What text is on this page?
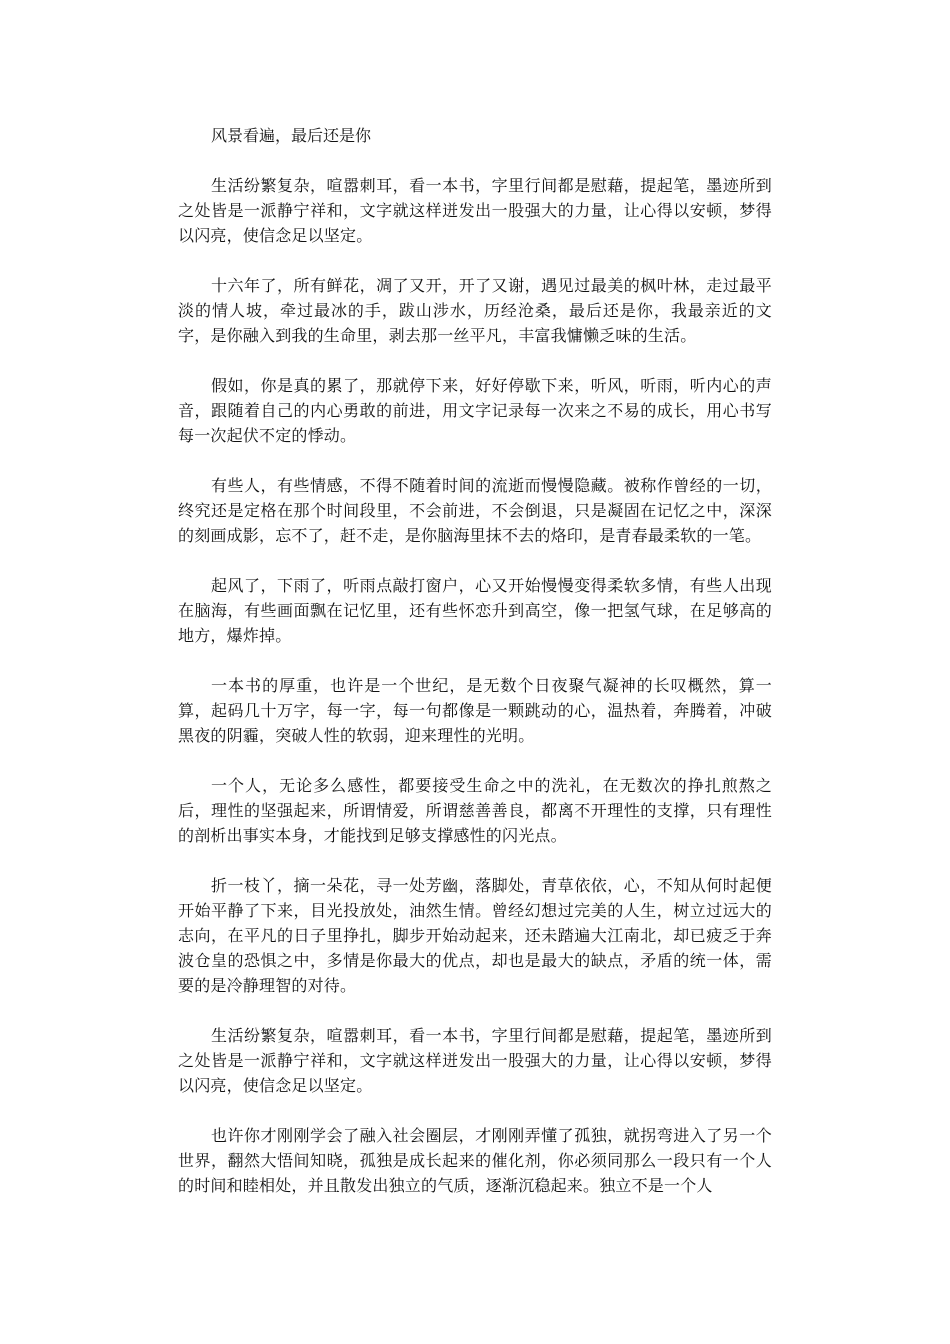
风景看遍，最后还是你

生活纷繁复杂，喧嚣刺耳，看一本书，字里行间都是慰藉，提起笔，墨迹所到之处皆是一派静宁祥和，文字就这样迸发出一股强大的力量，让心得以安顿，梦得以闪亮，使信念足以坚定。

十六年了，所有鲜花，凋了又开，开了又谢，遇见过最美的枫叶林，走过最平淡的情人坡，牵过最冰的手，跋山涉水，历经沧桑，最后还是你，我最亲近的文字，是你融入到我的生命里，剥去那一丝平凡，丰富我慵懒乏味的生活。

假如，你是真的累了，那就停下来，好好停歇下来，听风，听雨，听内心的声音，跟随着自己的内心勇敢的前进，用文字记录每一次来之不易的成长，用心书写每一次起伏不定的悸动。

有些人，有些情感，不得不随着时间的流逝而慢慢隐藏。被称作曾经的一切，终究还是定格在那个时间段里，不会前进，不会倒退，只是凝固在记忆之中，深深的刻画成影，忘不了，赶不走，是你脑海里抹不去的烙印，是青春最柔软的一笔。

起风了，下雨了，听雨点敲打窗户，心又开始慢慢变得柔软多情，有些人出现在脑海，有些画面飘在记忆里，还有些怀恋升到高空，像一把氢气球，在足够高的地方，爆炸掉。

一本书的厚重，也许是一个世纪，是无数个日夜聚气凝神的长叹概然，算一算，起码几十万字，每一字，每一句都像是一颗跳动的心，温热着，奔腾着，冲破黑夜的阴霾，突破人性的软弱，迎来理性的光明。

一个人，无论多么感性，都要接受生命之中的洗礼，在无数次的挣扎煎熬之后，理性的坚强起来，所谓情爱，所谓慈善善良，都离不开理性的支撑，只有理性的剖析出事实本身，才能找到足够支撑感性的闪光点。

折一枝丫，摘一朵花，寻一处芳幽，落脚处，青草依依，心，不知从何时起便开始平静了下来，目光投放处，油然生情。曾经幻想过完美的人生，树立过远大的志向，在平凡的日子里挣扎，脚步开始动起来，还未踏遍大江南北，却已疲乏于奔波仓皇的恐惧之中，多情是你最大的优点，却也是最大的缺点，矛盾的统一体，需要的是冷静理智的对待。

生活纷繁复杂，喧嚣刺耳，看一本书，字里行间都是慰藉，提起笔，墨迹所到之处皆是一派静宁祥和，文字就这样迸发出一股强大的力量，让心得以安顿，梦得以闪亮，使信念足以坚定。

也许你才刚刚学会了融入社会圈层，才刚刚弄懂了孤独，就拐弯进入了另一个世界，翻然大悟间知晓，孤独是成长起来的催化剂，你必须同那么一段只有一个人的时间和睦相处，并且散发出独立的气质，逐渐沉稳起来。独立不是一个人
